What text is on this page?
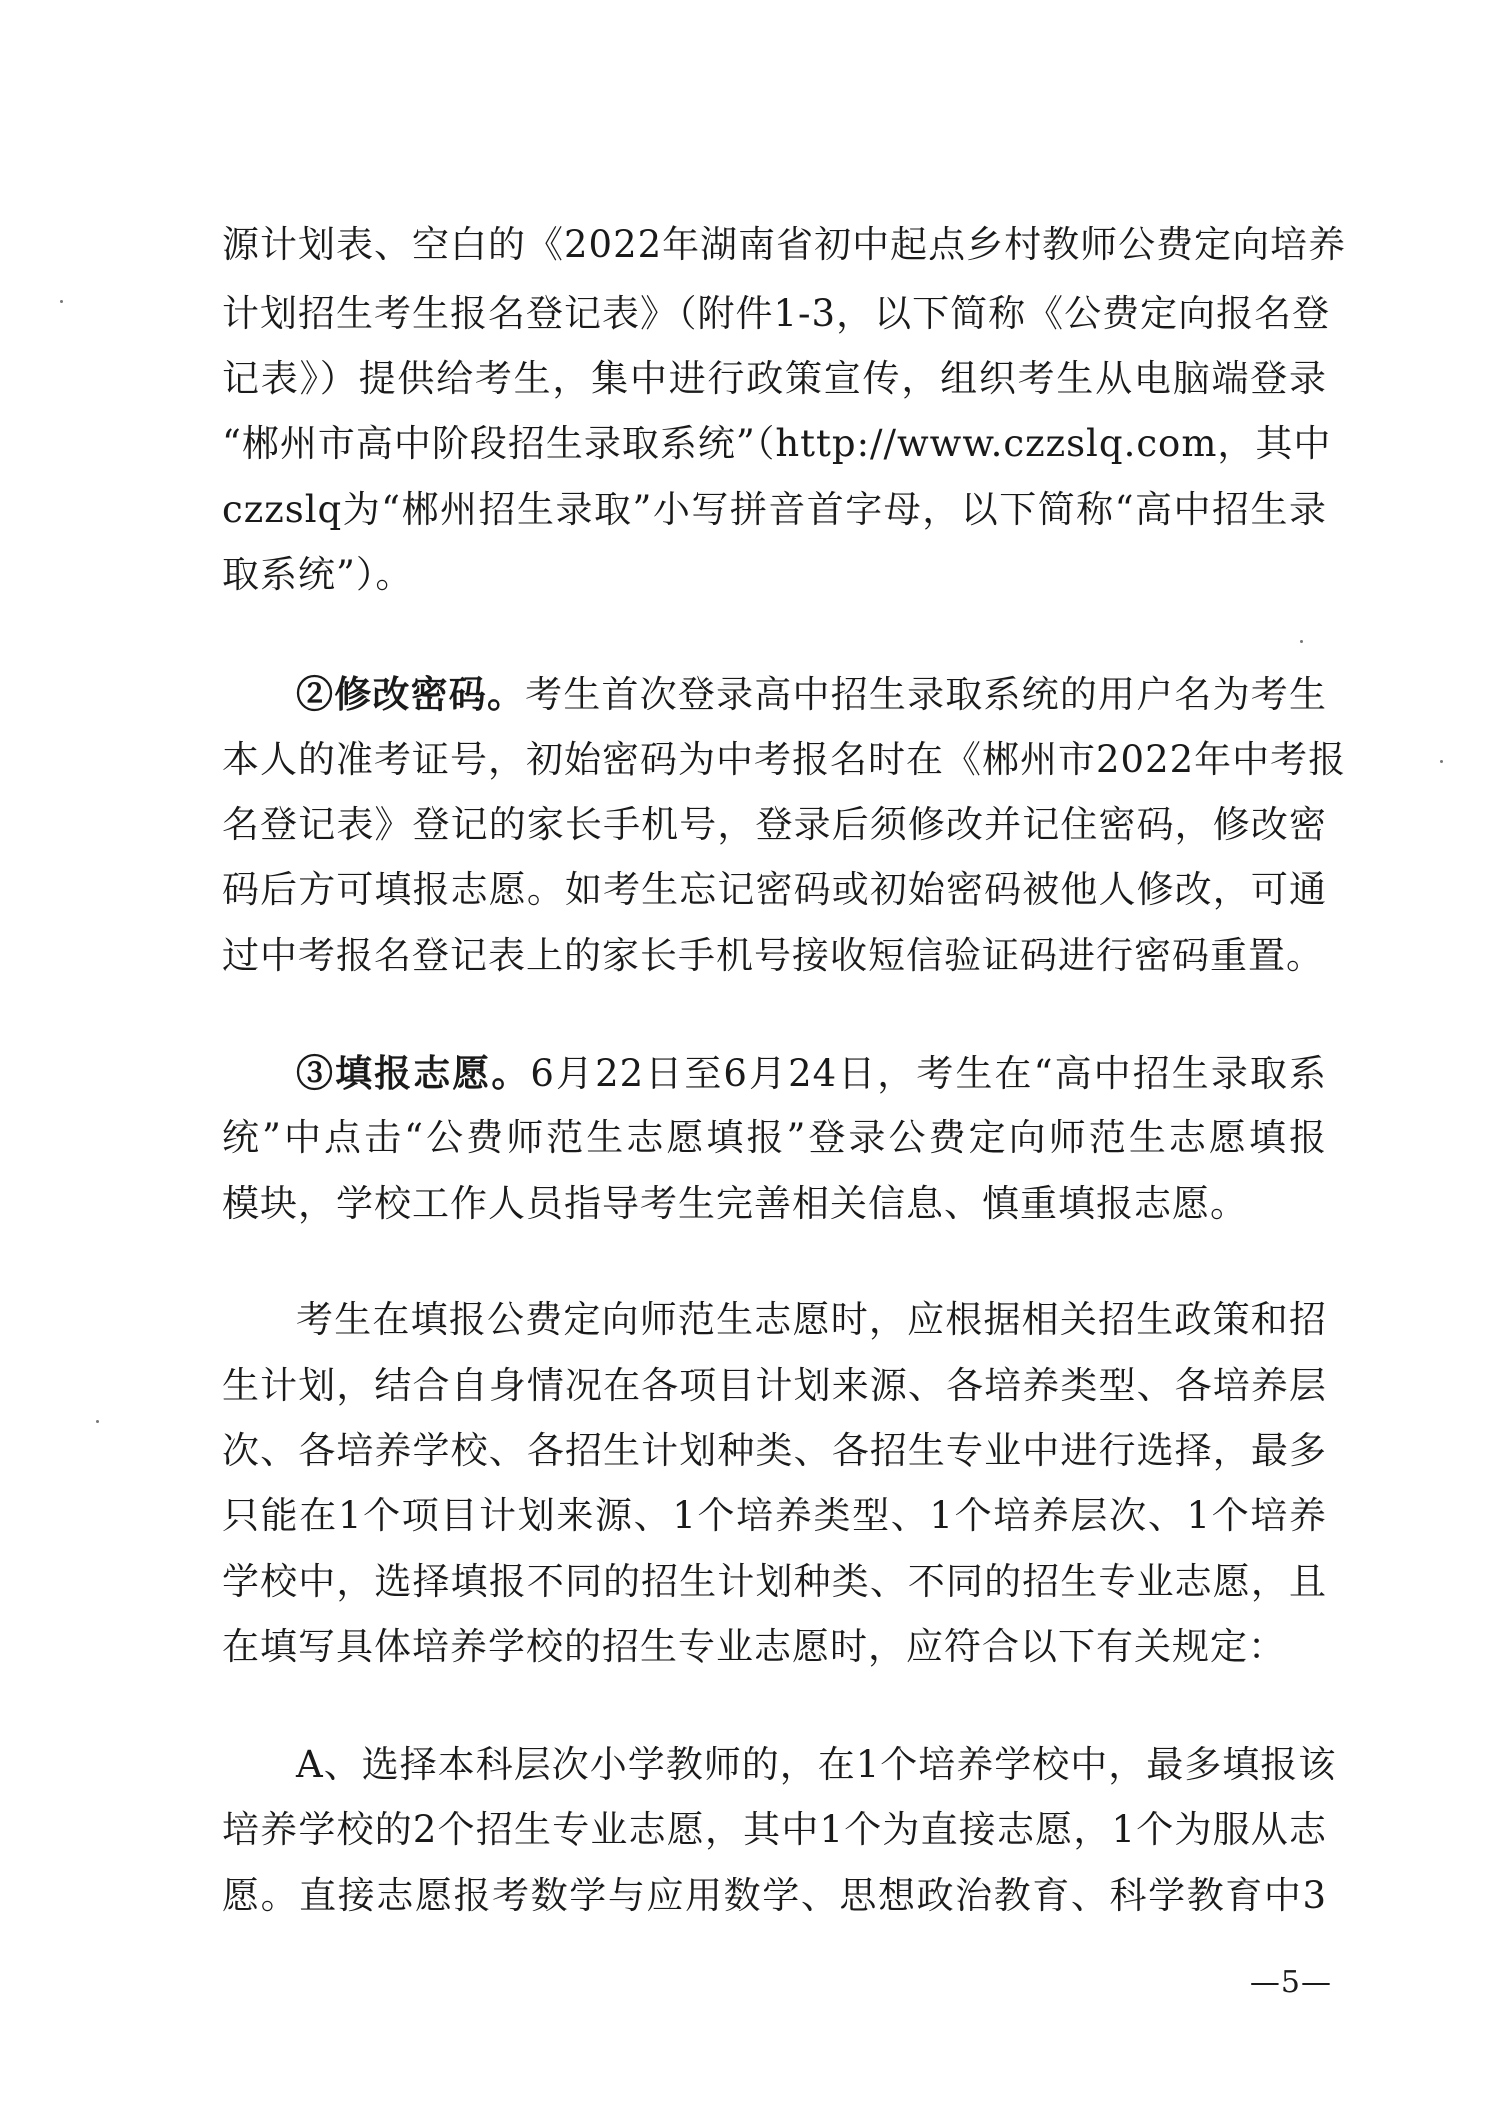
源计划表、空白的《2022年湖南省初中起点乡村教师公费定向培养
计划招生考生报名登记表》（附件1-3，以下简称《公费定向报名登
记表》）提供给考生，集中进行政策宣传，组织考生从电脑端登录
“郴州市高中阶段招生录取系统”（http://www.czzslq.com，其中
czzslq为“郴州招生录取”小写拼音首字母，以下简称“高中招生录
取系统”）。
②修改密码。考生首次登录高中招生录取系统的用户名为考生
本人的准考证号，初始密码为中考报名时在《郴州市2022年中考报
名登记表》登记的家长手机号，登录后须修改并记住密码，修改密
码后方可填报志愿。如考生忘记密码或初始密码被他人修改，可通
过中考报名登记表上的家长手机号接收短信验证码进行密码重置。
③填报志愿。6月22日至6月24日，考生在“高中招生录取系
统”中点击“公费师范生志愿填报”登录公费定向师范生志愿填报
模块，学校工作人员指导考生完善相关信息、慎重填报志愿。
考生在填报公费定向师范生志愿时，应根据相关招生政策和招
生计划，结合自身情况在各项目计划来源、各培养类型、各培养层
次、各培养学校、各招生计划种类、各招生专业中进行选择，最多
只能在1个项目计划来源、1个培养类型、1个培养层次、1个培养
学校中，选择填报不同的招生计划种类、不同的招生专业志愿，且
在填写具体培养学校的招生专业志愿时，应符合以下有关规定：
A、选择本科层次小学教师的，在1个培养学校中，最多填报该
培养学校的2个招生专业志愿，其中1个为直接志愿，1个为服从志
愿。直接志愿报考数学与应用数学、思想政治教育、科学教育中3
—5—
